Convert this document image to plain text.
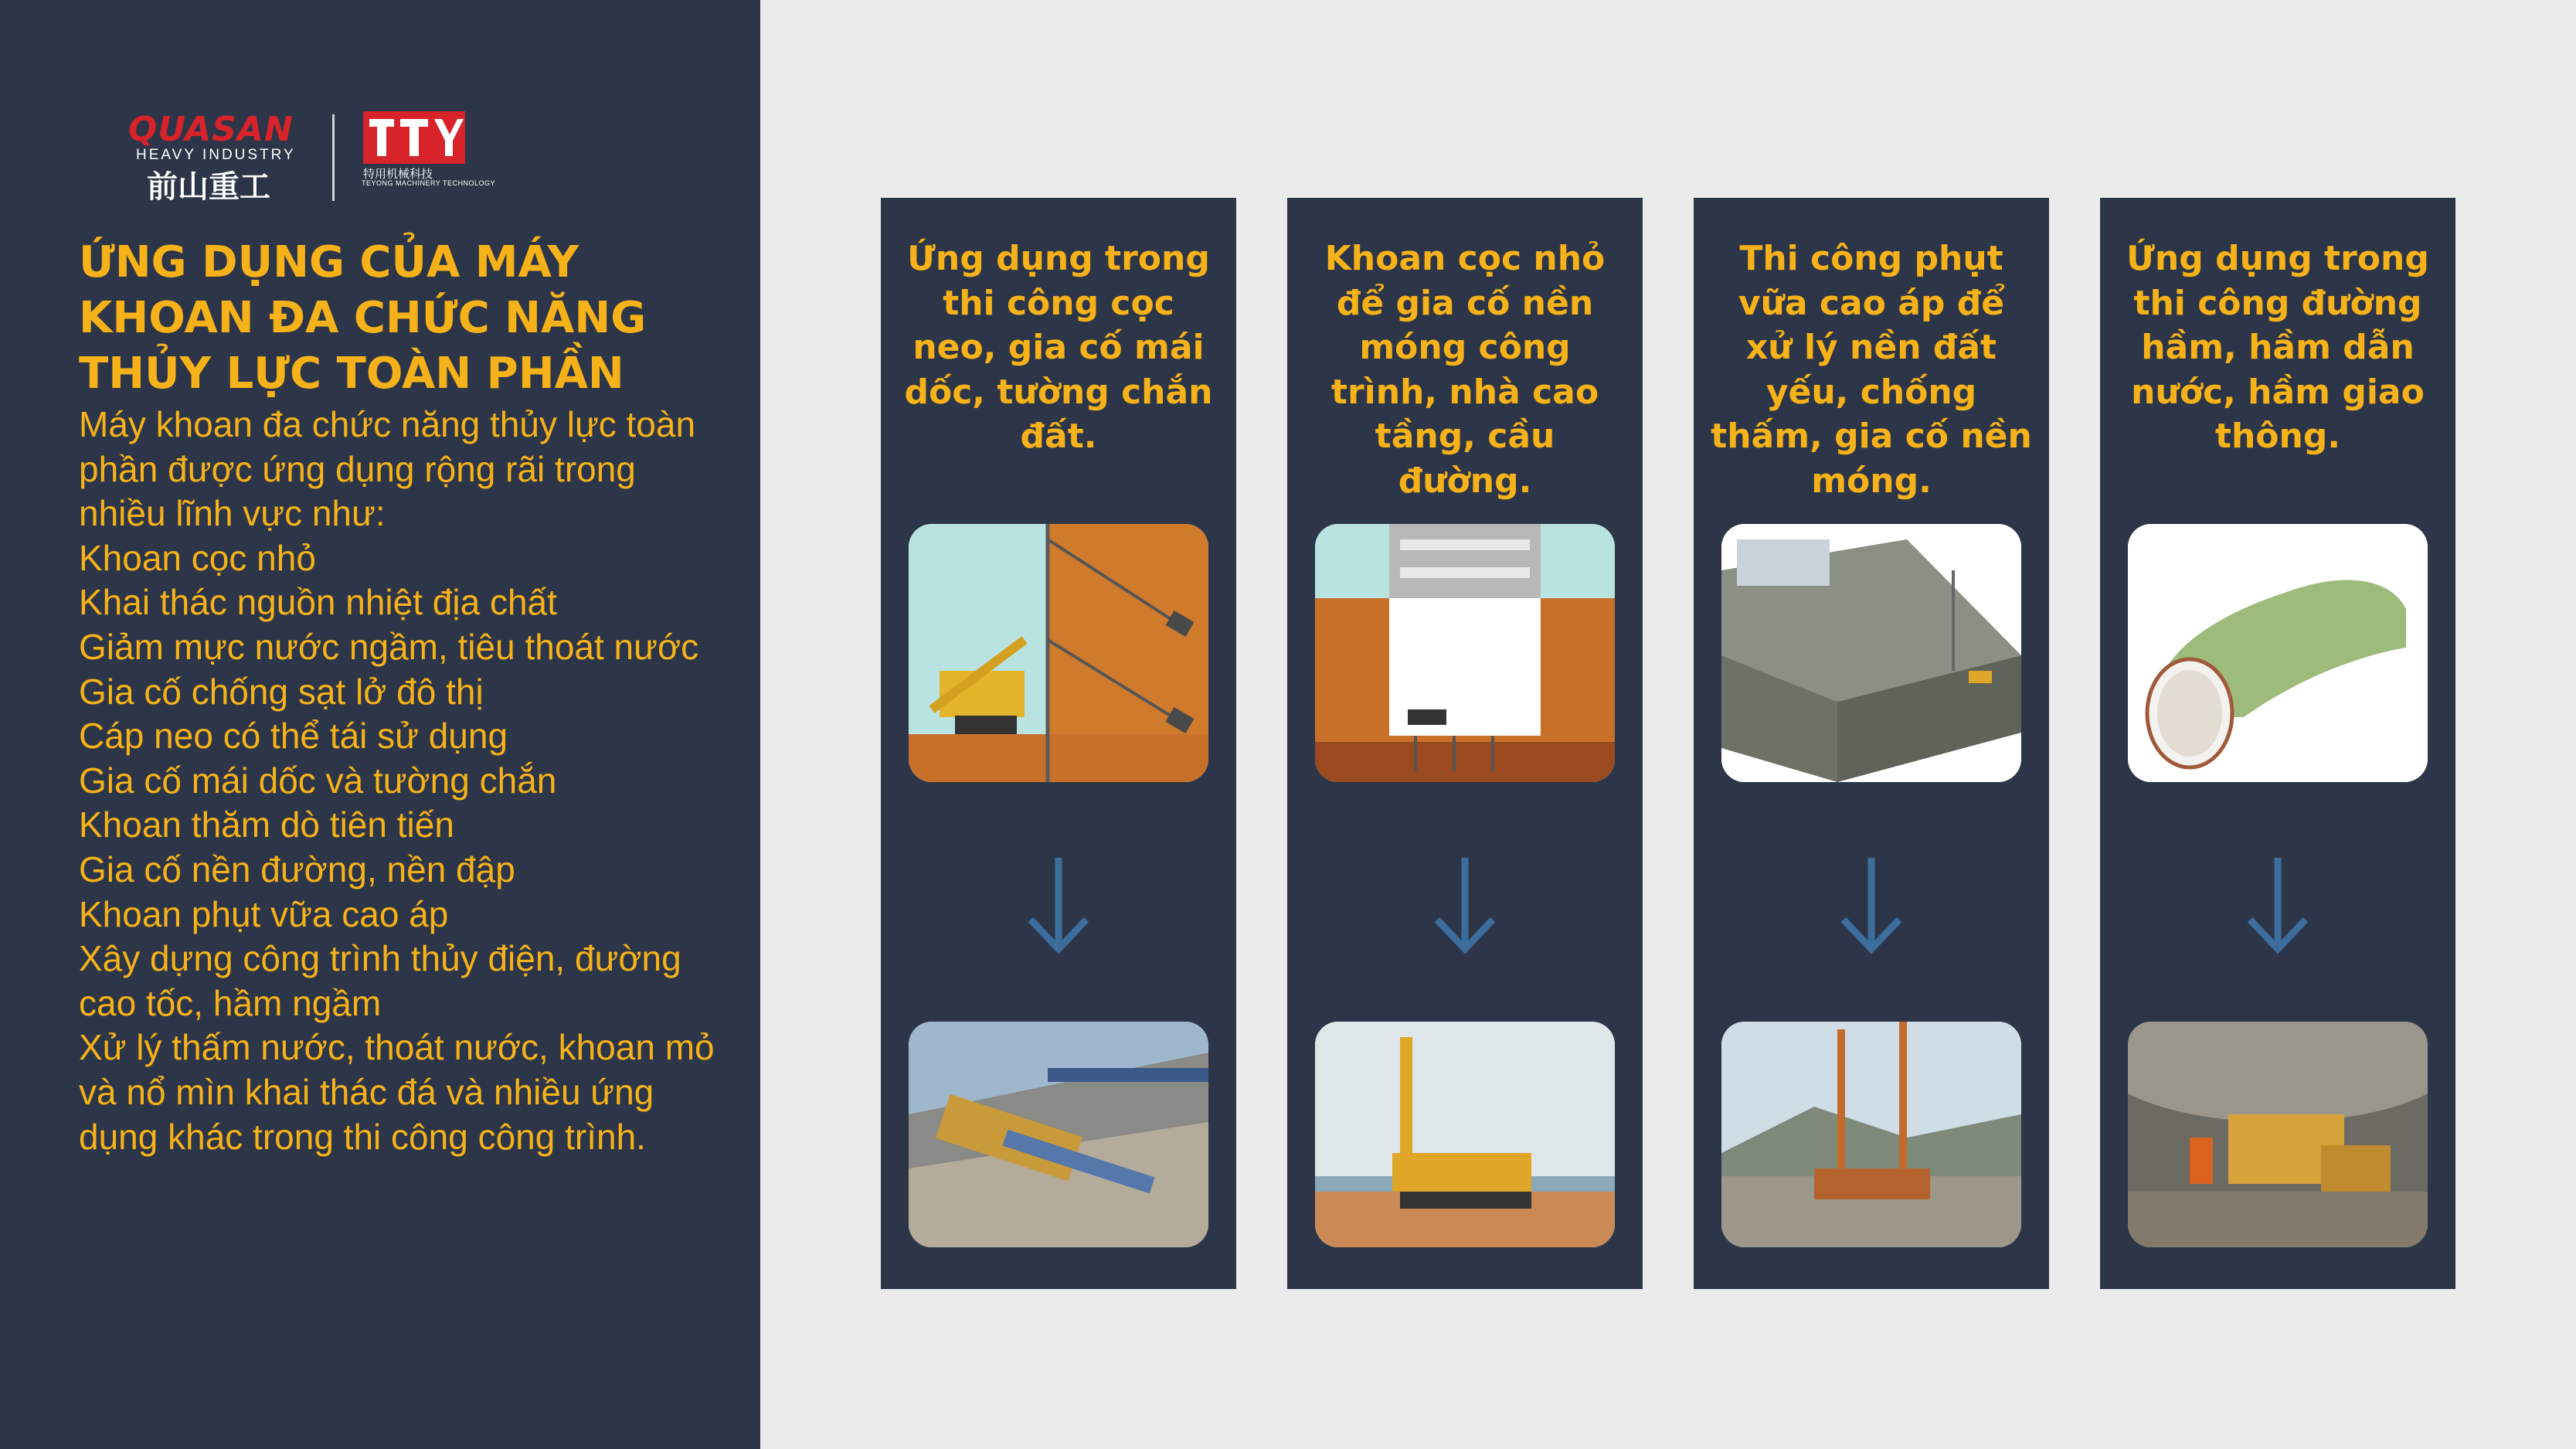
QUASAN
HEAVY INDUSTRY
前山重工	特用机械科技
TEYONG MACHINERY TECHNOLOGY
ỨNG DỤNG CỦA MÁY KHOAN ĐA CHỨC NĂNG THỦY LỰC TOÀN PHẦN

Máy khoan đa chức năng thủy lực toàn phần được ứng dụng rộng rãi trong nhiều lĩnh vực như:

Khoan cọc nhỏ

Khai thác nguồn nhiệt địa chất

Giảm mực nước ngầm, tiêu thoát nước

Gia cố chống sạt lở đô thị

Cáp neo có thể tái sử dụng

Gia cố mái dốc và tường chắn

Khoan thăm dò tiên tiến

Gia cố nền đường, nền đập

Khoan phụt vữa cao áp

Xây dựng công trình thủy điện, đường cao tốc, hầm ngầm

Xử lý thấm nước, thoát nước, khoan mỏ và nổ mìn khai thác đá và nhiều ứng dụng khác trong thi công công trình.

Ứng dụng trong thi công cọc neo, gia cố mái dốc, tường chắn đất.
Khoan cọc nhỏ để gia cố nền móng công trình, nhà cao tầng, cầu đường.
Thi công phụt vữa cao áp để xử lý nền đất yếu, chống thấm, gia cố nền móng.
Ứng dụng trong thi công đường hầm, hầm dẫn nước, hầm giao thông.
